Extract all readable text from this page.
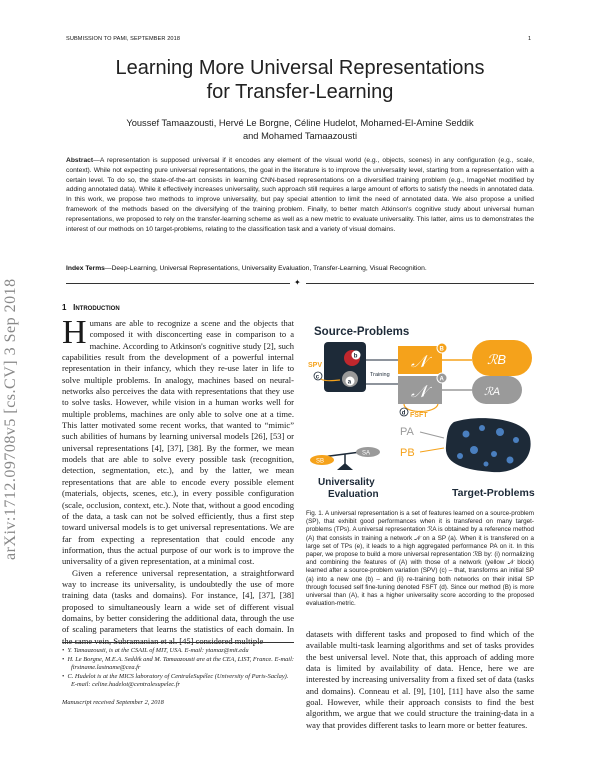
SUBMISSION TO PAMI, SEPTEMBER 2018	1
arXiv:1712.09708v5 [cs.CV] 3 Sep 2018
Learning More Universal Representations
for Transfer-Learning
Youssef Tamaazousti, Hervé Le Borgne, Céline Hudelot, Mohamed-El-Amine Seddik
and Mohamed Tamaazousti
Abstract—A representation is supposed universal if it encodes any element of the visual world (e.g., objects, scenes) in any configuration (e.g., scale, context). While not expecting pure universal representations, the goal in the literature is to improve the universality level, starting from a representation with a certain level. To do so, the state-of-the-art consists in learning CNN-based representations on a diversified training problem (e.g., ImageNet modified by adding annotated data). While it effectively increases universality, such approach still requires a large amount of efforts to satisfy the needs in annotated data. In this work, we propose two methods to improve universality, but pay special attention to limit the need of annotated data. We also propose a unified framework of the methods based on the diversifying of the training problem. Finally, to better match Atkinson's cognitive study about universal human representations, we proposed to rely on the transfer-learning scheme as well as a new metric to evaluate universality. This latter, aims us to demonstrates the interest of our methods on 10 target-problems, relating to the classification task and a variety of visual domains.
Index Terms—Deep-Learning, Universal Representations, Universality Evaluation, Transfer-Learning, Visual Recognition.
✦
1 Introduction

Humans are able to recognize a scene and the objects that composed it with disconcerting ease in comparison to a machine. According to Atkinson's cognitive study [2], such capabilities result from the development of a powerful internal representation in their infancy, which they re-use later in life to solve multiple problems. In analogy, machines based on neural-networks also perceives the data with representations that they use to solve tasks. However, while vision in a human works well for multiple problems, machines are only able to solve one at a time. This latter motivated some recent works, that wanted to “mimic” such abilities of humans by learning universal models [26], [53] or universal representations [4], [37], [38]. By the former, we mean models that are able to solve every possible task (recognition, detection, segmentation, etc.), and by the latter, we mean representations that are able to encode every possible element (materials, objects, scenes, etc.), in every possible configuration (scale, occlusion, context, etc.). Note that, without a good encoding of the data, a task can not be solved efficiently, thus a first step toward universal models is to get universal representations. We are far from expecting a representation that could encode any information, thus the actual purpose of our work is to improve the universality of a given representation, at a minimal cost.

Given a reference universal representation, a straightforward way to increase its universality, is undoubtedly the use of more training data (tasks and domains). For instance, [4], [37], [38] proposed to simultaneously learn a wide set of different visual domains, by better considering the additional data, through the use of scaling parameters that learns the statistics of each domain. In the same vein, Subramanian et al. [45] considered multiple

•  Y. Tamaazousti, is at the CSAIL of MIT, USA. E-mail: ytamaz@mit.edu
•  H. Le Borgne, M.E.A. Seddik and M. Tamaazousti are at the CEA, LIST, France. E-mail: firstname.lastname@cea.fr
•  C. Hudelot is at the MICS laboratory of CentraleSupélec (University of Paris-Saclay). E-mail: celine.hudelot@centralesupelec.fr
Manuscript received September 2, 2018
Source-Problems
b
a
SPV
c	Training
𝒩
𝒩
B
A
d FSFT
ℛB
ℛA
Target-Problems
PA
PB
SB
SA
Universality
Evaluation
Fig. 1. A universal representation is a set of features learned on a source-problem (SP), that exhibit good performances when it is transfered on many target-problems (TPs). A universal representation ℛA is obtained by a reference method (A) that consists in training a network 𝒩 on a SP (a). When it is transfered on a large set of TPs (e), it leads to a high aggregated performance PA on it. In this paper, we propose to build a more universal representation ℛB by: (i) normalizing and combining the features of (A) with those of a network (yellow 𝒩 block) learned after a source-problem variation (SPV) (c) – that, transforms an initial SP (a) into a new one (b) – and (ii) re-training both networks on their initial SP through focused self fine-tuning denoted FSFT (d). Since our method (B) is more universal than (A), it has a higher universality score according to the proposed evaluation-metric.

datasets with different tasks and proposed to find which of the available multi-task learning algorithms and set of tasks provides the best universal level. Note that, this approach of adding more data is limited by availability of data. Hence, here we are interested by increasing universality from a fixed set of data (tasks and domains). Conneau et al. [9], [10], [11] have also the same goal. However, while their approach consists to find the best algorithm, we argue that we could structure the training-data in a way that provides different tasks to learn more or better features.
